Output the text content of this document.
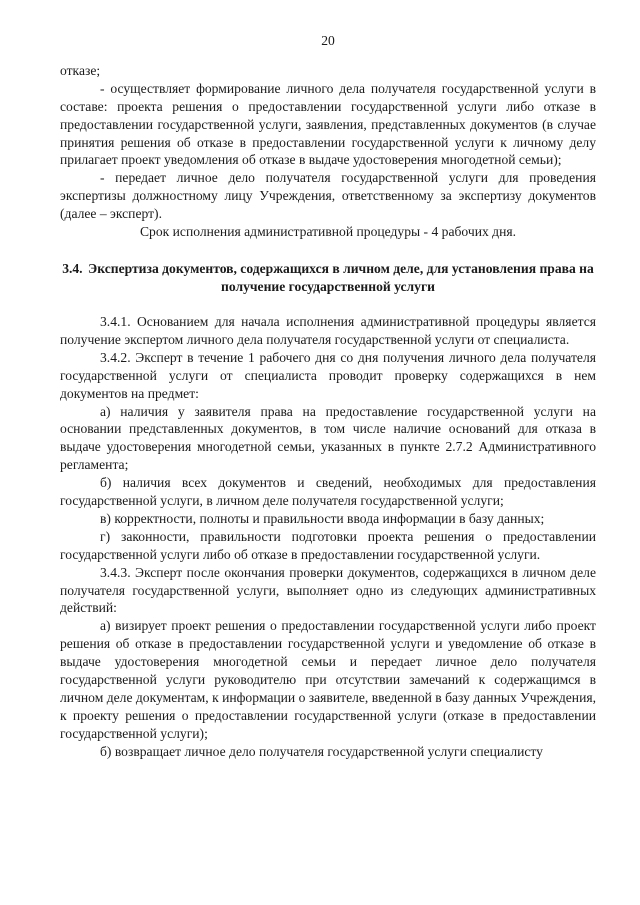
20

отказе;

- осуществляет формирование личного дела получателя государственной услуги в составе: проекта решения о предоставлении государственной услуги либо отказе в предоставлении государственной услуги, заявления, представленных документов (в случае принятия решения об отказе в предоставлении государственной услуги к личному делу прилагает проект уведомления об отказе в выдаче удостоверения многодетной семьи);

- передает личное дело получателя государственной услуги для проведения экспертизы должностному лицу Учреждения, ответственному за экспертизу документов (далее – эксперт).

Срок исполнения административной процедуры - 4 рабочих дня.

3.4. Экспертиза документов, содержащихся в личном деле, для установления права на получение государственной услуги

3.4.1. Основанием для начала исполнения административной процедуры является получение экспертом личного дела получателя государственной услуги от специалиста.

3.4.2. Эксперт в течение 1 рабочего дня со дня получения личного дела получателя государственной услуги от специалиста проводит проверку содержащихся в нем документов на предмет:

а) наличия у заявителя права на предоставление государственной услуги на основании представленных документов, в том числе наличие оснований для отказа в выдаче удостоверения многодетной семьи, указанных в пункте 2.7.2 Административного регламента;

б) наличия всех документов и сведений, необходимых для предоставления государственной услуги, в личном деле получателя государственной услуги;

в) корректности, полноты и правильности ввода информации в базу данных;

г) законности, правильности подготовки проекта решения о предоставлении государственной услуги либо об отказе в предоставлении государственной услуги.

3.4.3. Эксперт после окончания проверки документов, содержащихся в личном деле получателя государственной услуги, выполняет одно из следующих административных действий:

а) визирует проект решения о предоставлении государственной услуги либо проект решения об отказе в предоставлении государственной услуги и уведомление об отказе в выдаче удостоверения многодетной семьи и передает личное дело получателя государственной услуги руководителю при отсутствии замечаний к содержащимся в личном деле документам, к информации о заявителе, введенной в базу данных Учреждения, к проекту решения о предоставлении государственной услуги (отказе в предоставлении государственной услуги);

б) возвращает личное дело получателя государственной услуги специалисту
